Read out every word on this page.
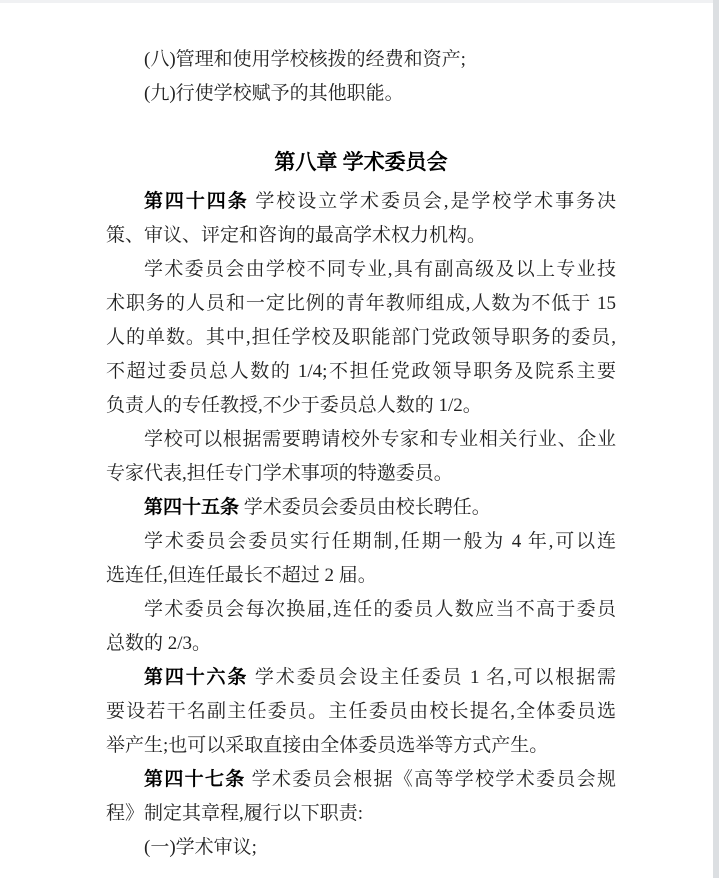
(八)管理和使用学校核拨的经费和资产;
(九)行使学校赋予的其他职能。
第八章 学术委员会
第四十四条 学校设立学术委员会,是学校学术事务决
策、审议、评定和咨询的最高学术权力机构。
学术委员会由学校不同专业,具有副高级及以上专业技
术职务的人员和一定比例的青年教师组成,人数为不低于 15
人的单数。其中,担任学校及职能部门党政领导职务的委员,
不超过委员总人数的 1/4;不担任党政领导职务及院系主要
负责人的专任教授,不少于委员总人数的 1/2。
学校可以根据需要聘请校外专家和专业相关行业、企业
专家代表,担任专门学术事项的特邀委员。
第四十五条 学术委员会委员由校长聘任。
学术委员会委员实行任期制,任期一般为 4 年,可以连
选连任,但连任最长不超过 2 届。
学术委员会每次换届,连任的委员人数应当不高于委员
总数的 2/3。
第四十六条 学术委员会设主任委员 1 名,可以根据需
要设若干名副主任委员。主任委员由校长提名,全体委员选
举产生;也可以采取直接由全体委员选举等方式产生。
第四十七条 学术委员会根据《高等学校学术委员会规
程》制定其章程,履行以下职责:
(一)学术审议;
